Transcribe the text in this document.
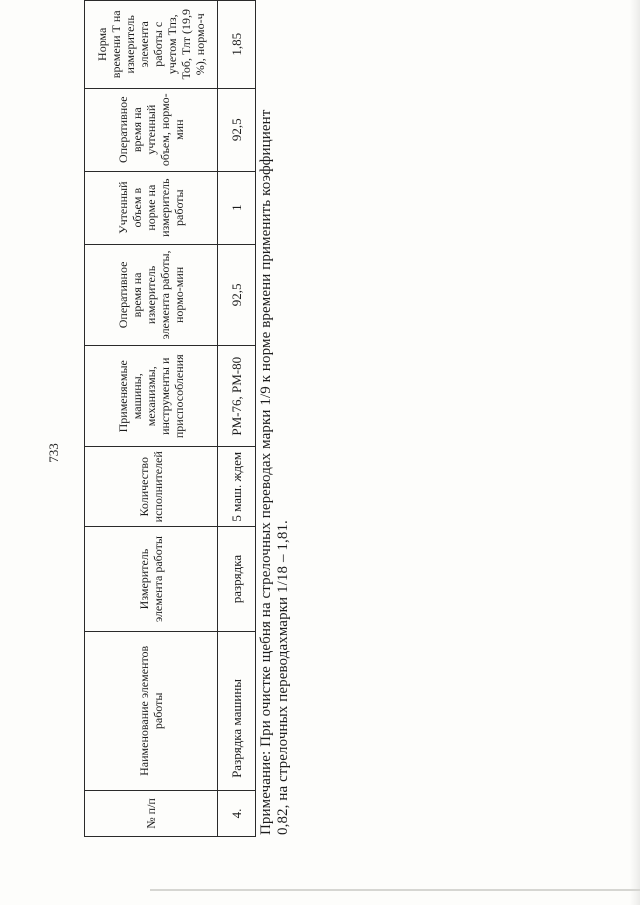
733
№ п/п	Наименование элементов работы	Измеритель элемента работы	Количество исполнителей	Применяемые машины, механизмы, инструменты и приспособления	Оперативное время на измеритель элемента работы, нормо-мин	Учтенный объем в норме на измеритель работы	Оперативное время на учтенный объем, нормо-мин	Норма времени Т на измеритель элемента работы с учетом Тпз, Тоб, Тлт (19,9 %), нормо-ч
4.	Разрядка машины	разрядка	5 маш. ждем	РМ-76, РМ-80	92,5	1	92,5	1,85
Примечание: При очистке щебня на стрелочных переводах марки 1/9 к норме времени применить коэффициент 0,82, на стрелочных переводахмарки 1/18 – 1,81.
